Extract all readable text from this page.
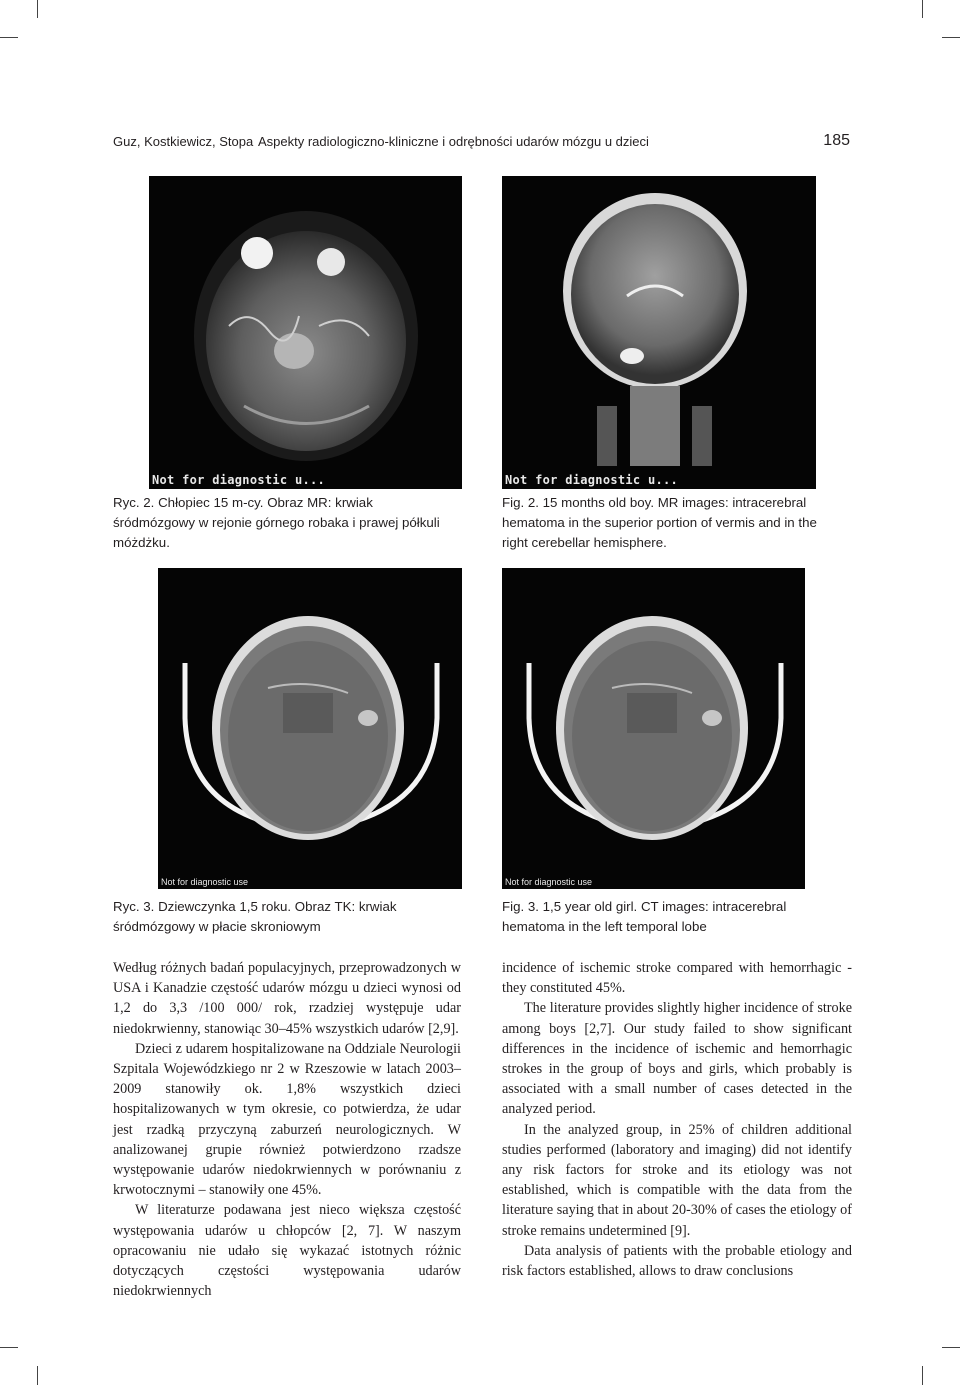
Guz, Kostkiewicz, Stopa Aspekty radiologiczno-kliniczne i odrębności udarów mózgu u dzieci	185
Not for diagnostic u...	Not for diagnostic u...

Ryc. 2. Chłopiec 15 m-cy. Obraz MR: krwiak

śródmózgowy w rejonie górnego robaka i prawej półkuli

móżdżku.

Fig. 2. 15 months old boy. MR images: intracerebral

hematoma in the superior portion of vermis and in the

right cerebellar hemisphere.

Not for diagnostic use	Not for diagnostic use

Ryc. 3. Dziewczynka 1,5 roku. Obraz TK: krwiak

śródmózgowy w płacie skroniowym

Fig. 3. 1,5 year old girl. CT images: intracerebral

hematoma in the left temporal lobe

Według różnych badań populacyjnych, przeprowadzonych w USA i Kanadzie częstość udarów mózgu u dzieci wynosi od 1,2 do 3,3 /100 000/ rok, rzadziej występuje udar niedokrwienny, stanowiąc 30–45% wszystkich udarów [2,9].

Dzieci z udarem hospitalizowane na Oddziale Neurologii Szpitala Wojewódzkiego nr 2 w Rzeszowie w latach 2003–2009 stanowiły ok. 1,8% wszystkich dzieci hospitalizowanych w tym okresie, co potwierdza, że udar jest rzadką przyczyną zaburzeń neurologicznych. W analizowanej grupie również potwierdzono rzadsze występowanie udarów niedokrwiennych w porównaniu z krwotocznymi – stanowiły one 45%.

W literaturze podawana jest nieco większa częstość występowania udarów u chłopców [2, 7]. W naszym opracowaniu nie udało się wykazać istotnych różnic dotyczących częstości występowania udarów niedokrwiennych

incidence of ischemic stroke compared with hemorrhagic - they constituted 45%.

The literature provides slightly higher incidence of stroke among boys [2,7]. Our study failed to show significant differences in the incidence of ischemic and hemorrhagic strokes in the group of boys and girls, which probably is associated with a small number of cases detected in the analyzed period.

In the analyzed group, in 25% of children additional studies performed (laboratory and imaging) did not identify any risk factors for stroke and its etiology was not established, which is compatible with the data from the literature saying that in about 20-30% of cases the etiology of stroke remains undetermined [9].

Data analysis of patients with the probable etiology and risk factors established, allows to draw conclusions
